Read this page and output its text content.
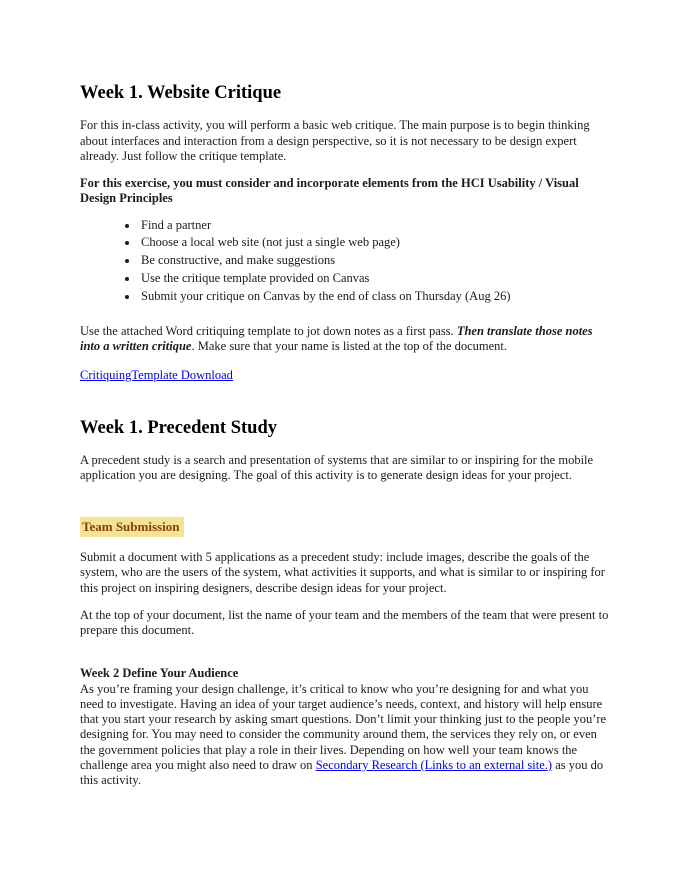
Week 1. Website Critique

For this in-class activity, you will perform a basic web critique. The main purpose is to begin thinking about interfaces and interaction from a design perspective, so it is not necessary to be design expert already. Just follow the critique template.

For this exercise, you must consider and incorporate elements from the HCI Usability / Visual Design Principles

• Find a partner
• Choose a local web site (not just a single web page)
• Be constructive, and make suggestions
• Use the critique template provided on Canvas
• Submit your critique on Canvas by the end of class on Thursday (Aug 26)

Use the attached Word critiquing template to jot down notes as a first pass. Then translate those notes into a written critique. Make sure that your name is listed at the top of the document.

CritiquingTemplate Download

Week 1. Precedent Study

A precedent study is a search and presentation of systems that are similar to or inspiring for the mobile application you are designing. The goal of this activity is to generate design ideas for your project.

Team Submission

Submit a document with 5 applications as a precedent study: include images, describe the goals of the system, who are the users of the system, what activities it supports, and what is similar to or inspiring for this project on inspiring designers, describe design ideas for your project.

At the top of your document, list the name of your team and the members of the team that were present to prepare this document.

Week 2 Define Your Audience

As you’re framing your design challenge, it’s critical to know who you’re designing for and what you need to investigate. Having an idea of your target audience’s needs, context, and history will help ensure that you start your research by asking smart questions. Don’t limit your thinking just to the people you’re designing for. You may need to consider the community around them, the services they rely on, or even the government policies that play a role in their lives. Depending on how well your team knows the challenge area you might also need to draw on Secondary Research (Links to an external site.) as you do this activity.
